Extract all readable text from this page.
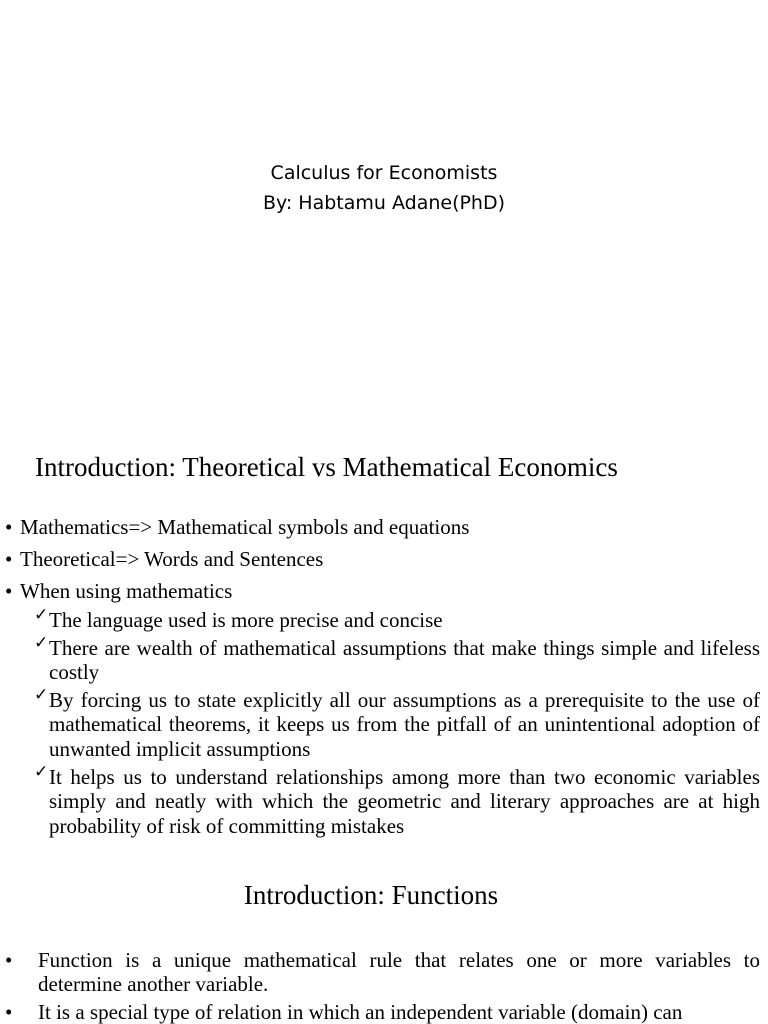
Calculus for Economists
By: Habtamu Adane(PhD)
Introduction: Theoretical vs Mathematical Economics
• Mathematics=> Mathematical symbols and equations
• Theoretical=> Words and Sentences
• When using mathematics
✓ The language used is more precise and concise
✓ There are wealth of mathematical assumptions that make things simple and lifeless costly
✓ By forcing us to state explicitly all our assumptions as a prerequisite to the use of mathematical theorems, it keeps us from the pitfall of an unintentional adoption of unwanted implicit assumptions
✓ It helps us to understand relationships among more than two economic variables simply and neatly with which the geometric and literary approaches are at high probability of risk of committing mistakes
Introduction: Functions
• Function is a unique mathematical rule that relates one or more variables to determine another variable.
• It is a special type of relation in which an independent variable (domain) can
